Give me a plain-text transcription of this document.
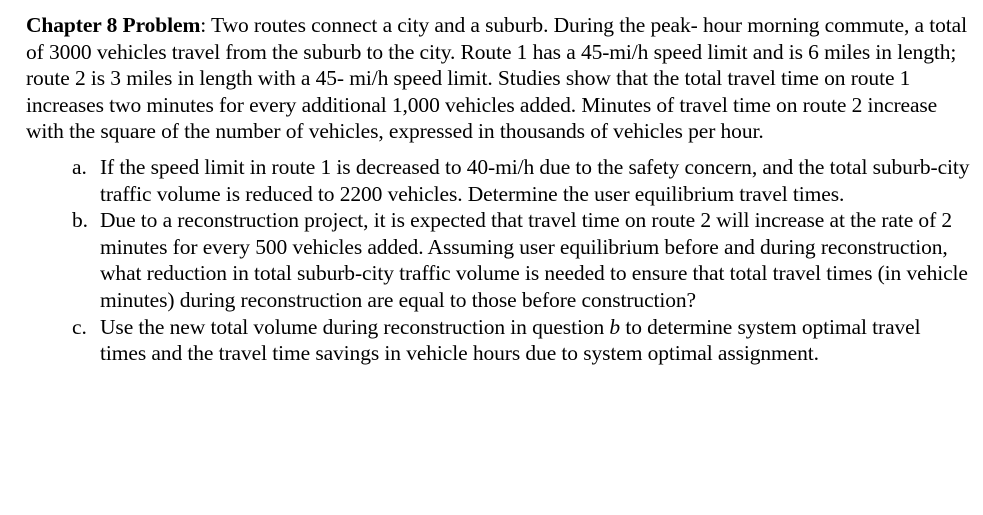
Chapter 8 Problem: Two routes connect a city and a suburb. During the peak- hour morning commute, a total of 3000 vehicles travel from the suburb to the city. Route 1 has a 45-mi/h speed limit and is 6 miles in length; route 2 is 3 miles in length with a 45- mi/h speed limit. Studies show that the total travel time on route 1 increases two minutes for every additional 1,000 vehicles added. Minutes of travel time on route 2 increase with the square of the number of vehicles, expressed in thousands of vehicles per hour.

a. If the speed limit in route 1 is decreased to 40-mi/h due to the safety concern, and the total suburb-city traffic volume is reduced to 2200 vehicles. Determine the user equilibrium travel times.
b. Due to a reconstruction project, it is expected that travel time on route 2 will increase at the rate of 2 minutes for every 500 vehicles added. Assuming user equilibrium before and during reconstruction, what reduction in total suburb-city traffic volume is needed to ensure that total travel times (in vehicle minutes) during reconstruction are equal to those before construction?
c. Use the new total volume during reconstruction in question b to determine system optimal travel times and the travel time savings in vehicle hours due to system optimal assignment.
